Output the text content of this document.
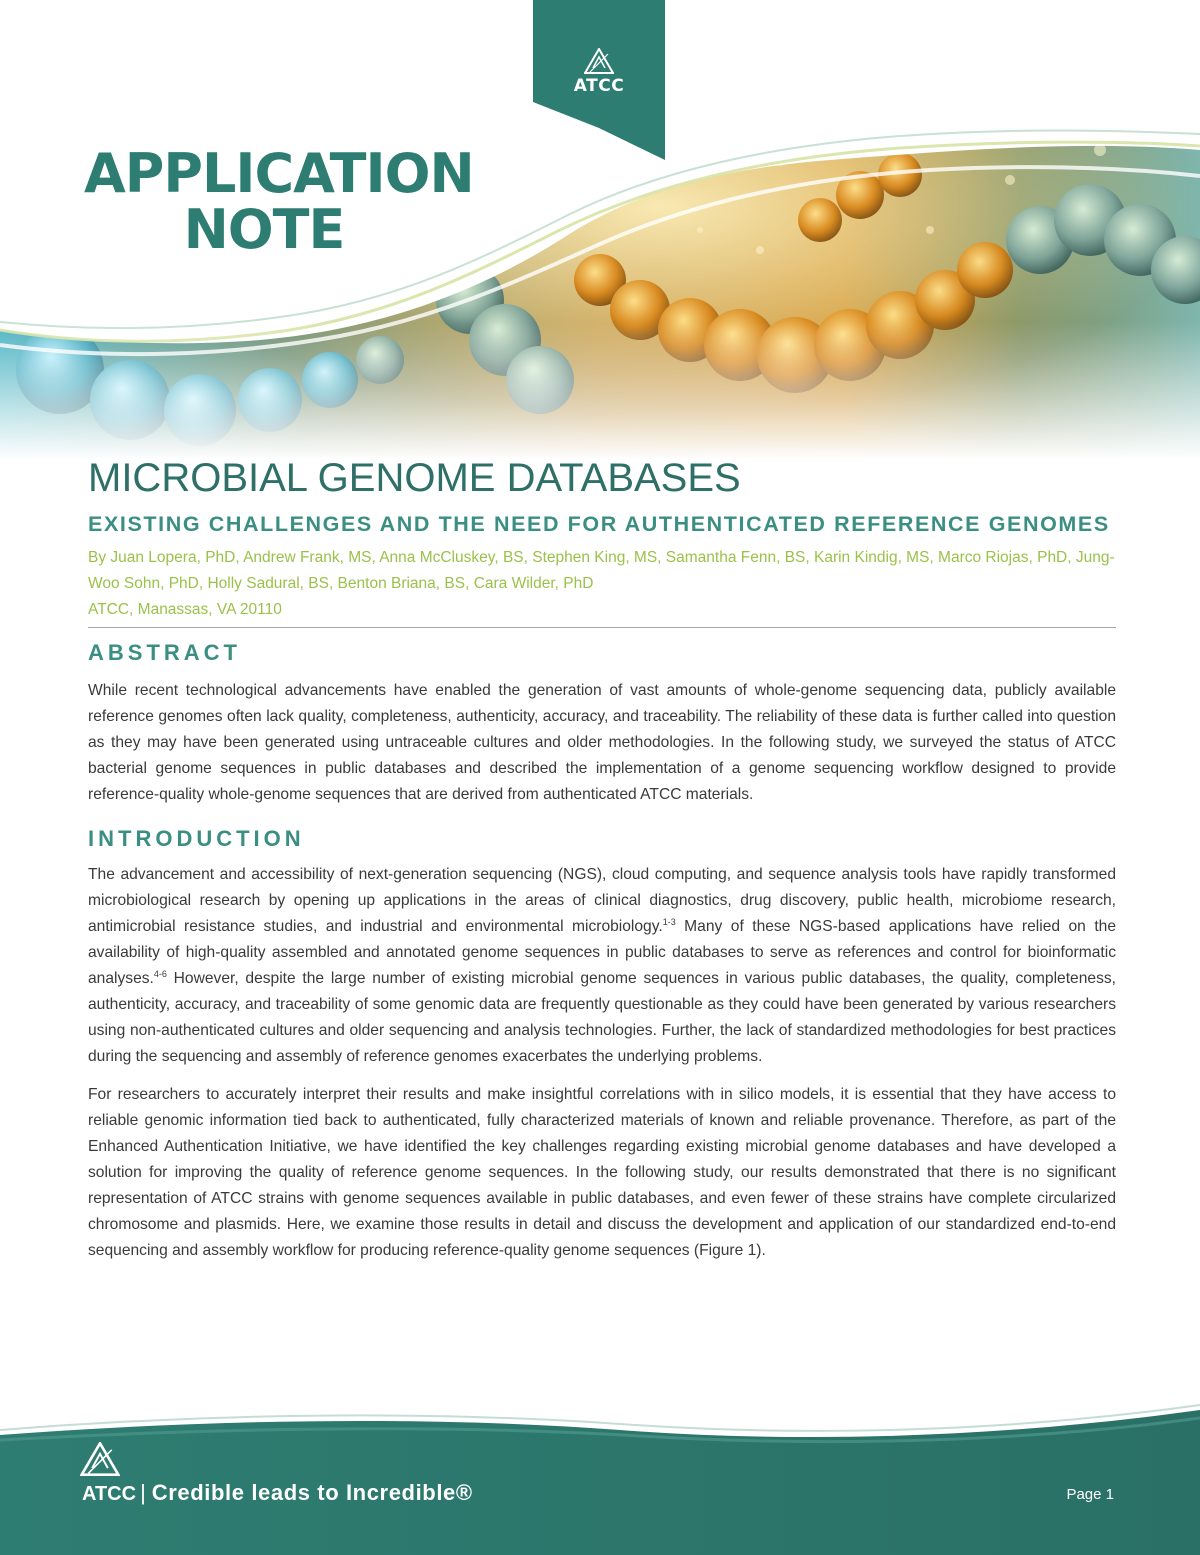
ATCC
APPLICATION
NOTE
MICROBIAL GENOME DATABASES
EXISTING CHALLENGES AND THE NEED FOR AUTHENTICATED REFERENCE GENOMES
By Juan Lopera, PhD, Andrew Frank, MS, Anna McCluskey, BS, Stephen King, MS, Samantha Fenn, BS, Karin Kindig, MS, Marco Riojas, PhD, Jung-Woo Sohn, PhD, Holly Sadural, BS, Benton Briana, BS, Cara Wilder, PhD
ATCC, Manassas, VA 20110
ABSTRACT

While recent technological advancements have enabled the generation of vast amounts of whole-genome sequencing data, publicly available reference genomes often lack quality, completeness, authenticity, accuracy, and traceability. The reliability of these data is further called into question as they may have been generated using untraceable cultures and older methodologies. In the following study, we surveyed the status of ATCC bacterial genome sequences in public databases and described the implementation of a genome sequencing workflow designed to provide reference-quality whole-genome sequences that are derived from authenticated ATCC materials.

INTRODUCTION

The advancement and accessibility of next-generation sequencing (NGS), cloud computing, and sequence analysis tools have rapidly transformed microbiological research by opening up applications in the areas of clinical diagnostics, drug discovery, public health, microbiome research, antimicrobial resistance studies, and industrial and environmental microbiology.$^{1-3}$ Many of these NGS-based applications have relied on the availability of high-quality assembled and annotated genome sequences in public databases to serve as references and control for bioinformatic analyses.$^{4-6}$ However, despite the large number of existing microbial genome sequences in various public databases, the quality, completeness, authenticity, accuracy, and traceability of some genomic data are frequently questionable as they could have been generated by various researchers using non-authenticated cultures and older sequencing and analysis technologies. Further, the lack of standardized methodologies for best practices during the sequencing and assembly of reference genomes exacerbates the underlying problems.

For researchers to accurately interpret their results and make insightful correlations with in silico models, it is essential that they have access to reliable genomic information tied back to authenticated, fully characterized materials of known and reliable provenance. Therefore, as part of the Enhanced Authentication Initiative, we have identified the key challenges regarding existing microbial genome databases and have developed a solution for improving the quality of reference genome sequences. In the following study, our results demonstrated that there is no significant representation of ATCC strains with genome sequences available in public databases, and even fewer of these strains have complete circularized chromosome and plasmids. Here, we examine those results in detail and discuss the development and application of our standardized end-to-end sequencing and assembly workflow for producing reference-quality genome sequences (Figure 1).

ATCC | Credible leads to Incredible®	Page 1
